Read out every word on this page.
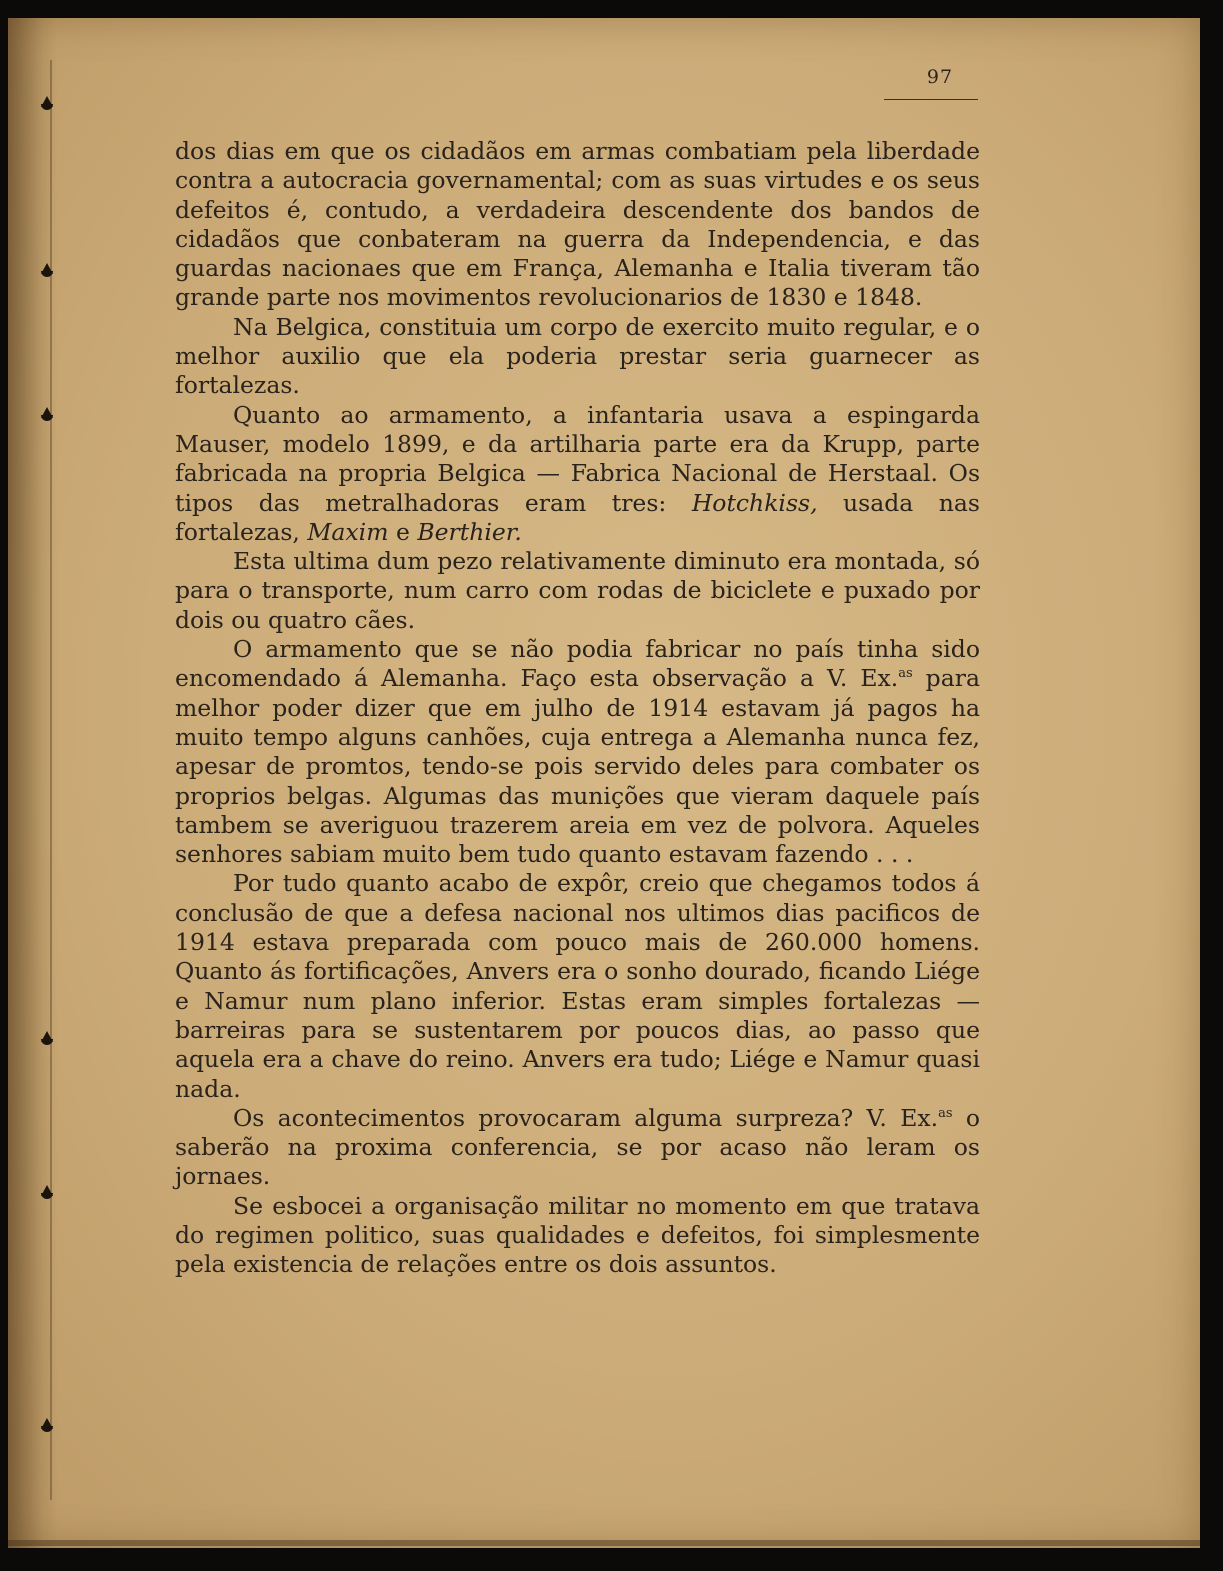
97

dos dias em que os cidadãos em armas combatiam pela liberdade contra a autocracia governamental; com as suas virtudes e os seus defeitos é, contudo, a verdadeira descendente dos bandos de cidadãos que conbateram na guerra da Independencia, e das guardas nacionaes que em França, Alemanha e Italia tiveram tão grande parte nos movimentos revolucionarios de 1830 e 1848.

Na Belgica, constituia um corpo de exercito muito regular, e o melhor auxilio que ela poderia prestar seria guarnecer as fortalezas.

Quanto ao armamento, a infantaria usava a espingarda Mauser, modelo 1899, e da artilharia parte era da Krupp, parte fabricada na propria Belgica — Fabrica Nacional de Herstaal. Os tipos das metralhadoras eram tres: Hotchkiss, usada nas fortalezas, Maxim e Berthier.

Esta ultima dum pezo relativamente diminuto era montada, só para o transporte, num carro com rodas de biciclete e puxado por dois ou quatro cães.

O armamento que se não podia fabricar no país tinha sido encomendado á Alemanha. Faço esta observação a V. Ex.$^{as}$ para melhor poder dizer que em julho de 1914 estavam já pagos ha muito tempo alguns canhões, cuja entrega a Alemanha nunca fez, apesar de promtos, tendo-se pois servido deles para combater os proprios belgas. Algumas das munições que vieram daquele país tambem se averiguou trazerem areia em vez de polvora. Aqueles senhores sabiam muito bem tudo quanto estavam fazendo . . .

Por tudo quanto acabo de expôr, creio que chegamos todos á conclusão de que a defesa nacional nos ultimos dias pacificos de 1914 estava preparada com pouco mais de 260.000 homens. Quanto ás fortificações, Anvers era o sonho dourado, ficando Liége e Namur num plano inferior. Estas eram simples fortalezas — barreiras para se sustentarem por poucos dias, ao passo que aquela era a chave do reino. Anvers era tudo; Liége e Namur quasi nada.

Os acontecimentos provocaram alguma surpreza? V. Ex.$^{as}$ o saberão na proxima conferencia, se por acaso não leram os jornaes.

Se esbocei a organisação militar no momento em que tratava do regimen politico, suas qualidades e defeitos, foi simplesmente pela existencia de relações entre os dois assuntos.
